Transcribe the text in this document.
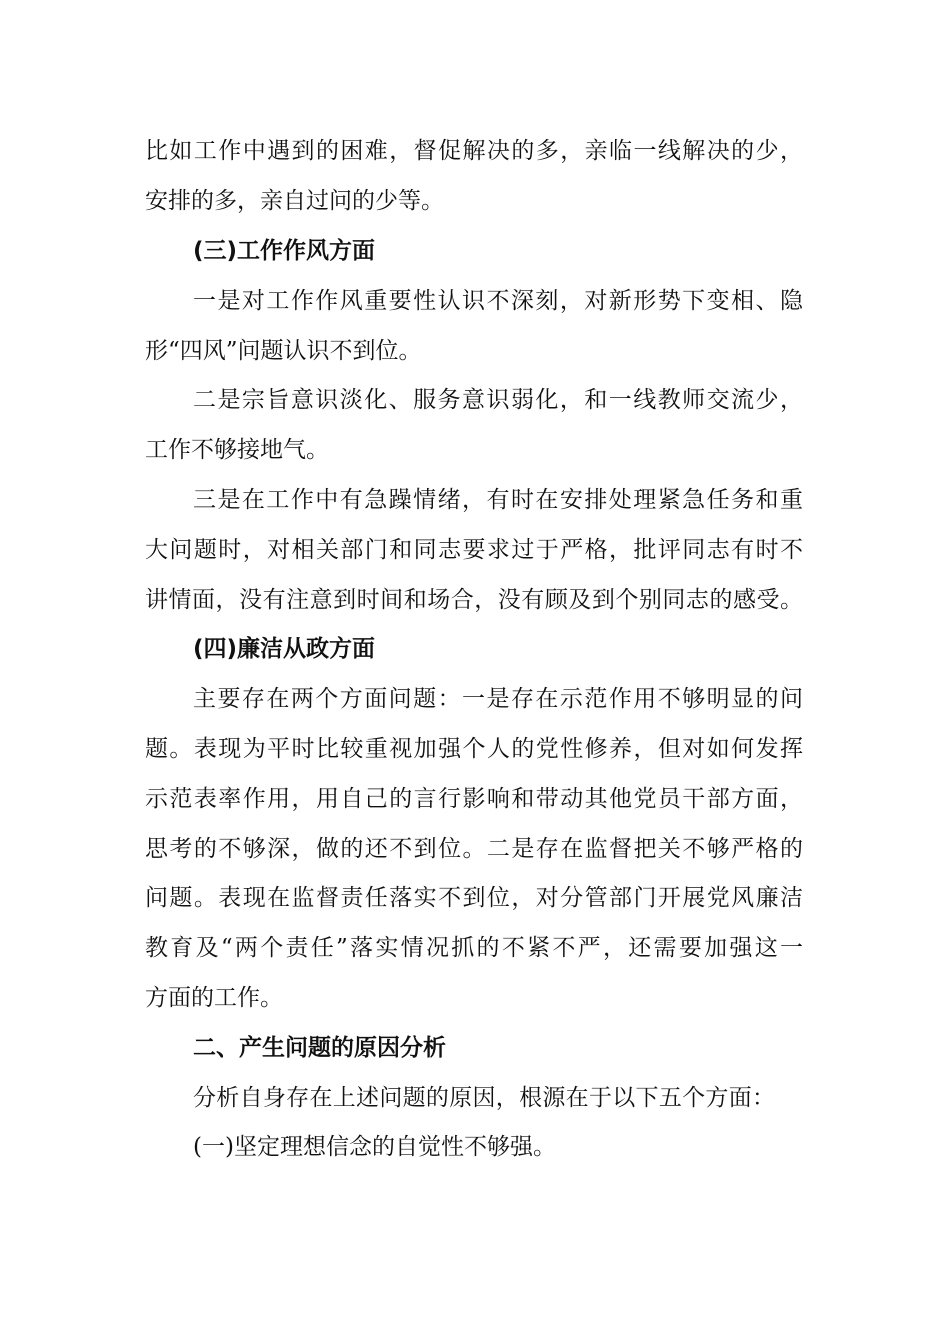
比如工作中遇到的困难，督促解决的多，亲临一线解决的少，
安排的多，亲自过问的少等。
(三)工作作风方面
一是对工作作风重要性认识不深刻，对新形势下变相、隐
形“四风”问题认识不到位。
二是宗旨意识淡化、服务意识弱化，和一线教师交流少，
工作不够接地气。
三是在工作中有急躁情绪，有时在安排处理紧急任务和重
大问题时，对相关部门和同志要求过于严格，批评同志有时不
讲情面，没有注意到时间和场合，没有顾及到个别同志的感受。
(四)廉洁从政方面
主要存在两个方面问题：一是存在示范作用不够明显的问
题。表现为平时比较重视加强个人的党性修养，但对如何发挥
示范表率作用，用自己的言行影响和带动其他党员干部方面，
思考的不够深，做的还不到位。二是存在监督把关不够严格的
问题。表现在监督责任落实不到位，对分管部门开展党风廉洁
教育及“两个责任”落实情况抓的不紧不严，还需要加强这一
方面的工作。
二、产生问题的原因分析
分析自身存在上述问题的原因，根源在于以下五个方面：
(一)坚定理想信念的自觉性不够强。
